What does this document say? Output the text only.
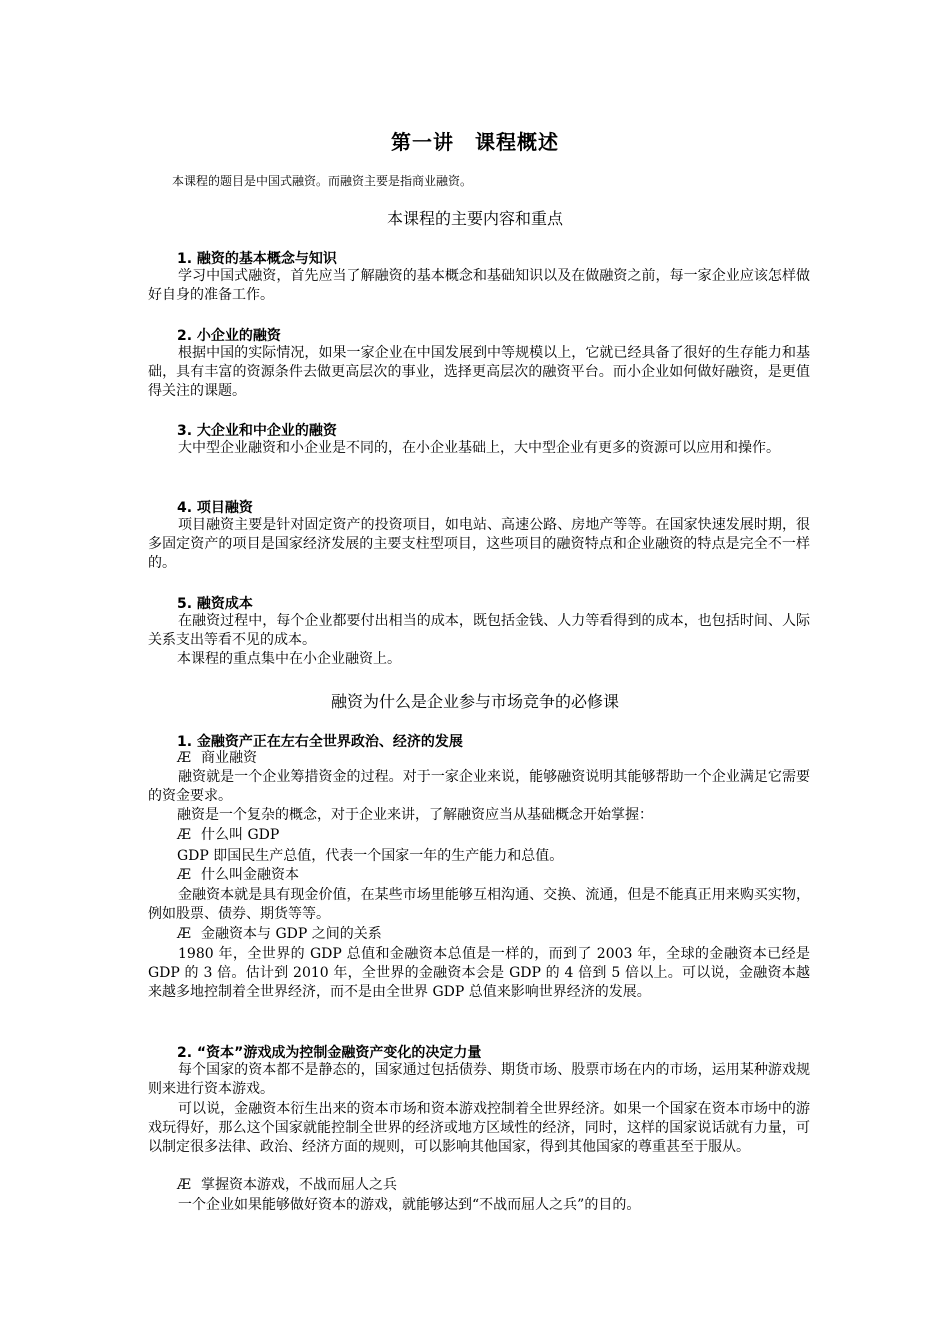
第一讲　课程概述
本课程的题目是中国式融资。而融资主要是指商业融资。
本课程的主要内容和重点
1. 融资的基本概念与知识

学习中国式融资，首先应当了解融资的基本概念和基础知识以及在做融资之前，每一家企业应该怎样做好自身的准备工作。

2. 小企业的融资

根据中国的实际情况，如果一家企业在中国发展到中等规模以上，它就已经具备了很好的生存能力和基础，具有丰富的资源条件去做更高层次的事业，选择更高层次的融资平台。而小企业如何做好融资，是更值得关注的课题。

3. 大企业和中企业的融资

大中型企业融资和小企业是不同的，在小企业基础上，大中型企业有更多的资源可以应用和操作。

4. 项目融资

项目融资主要是针对固定资产的投资项目，如电站、高速公路、房地产等等。在国家快速发展时期，很多固定资产的项目是国家经济发展的主要支柱型项目，这些项目的融资特点和企业融资的特点是完全不一样的。

5. 融资成本

在融资过程中，每个企业都要付出相当的成本，既包括金钱、人力等看得到的成本，也包括时间、人际关系支出等看不见的成本。

本课程的重点集中在小企业融资上。
融资为什么是企业参与市场竞争的必修课
1. 金融资产正在左右全世界政治、经济的发展
Æ 商业融资

融资就是一个企业筹措资金的过程。对于一家企业来说，能够融资说明其能够帮助一个企业满足它需要的资金要求。

融资是一个复杂的概念，对于企业来讲，了解融资应当从基础概念开始掌握：
Æ 什么叫 GDP
GDP 即国民生产总值，代表一个国家一年的生产能力和总值。
Æ 什么叫金融资本

金融资本就是具有现金价值，在某些市场里能够互相沟通、交换、流通，但是不能真正用来购买实物，例如股票、债券、期货等等。

Æ 金融资本与 GDP 之间的关系

1980 年，全世界的 GDP 总值和金融资本总值是一样的，而到了 2003 年，全球的金融资本已经是 GDP 的 3 倍。估计到 2010 年，全世界的金融资本会是 GDP 的 4 倍到 5 倍以上。可以说，金融资本越来越多地控制着全世界经济，而不是由全世界 GDP 总值来影响世界经济的发展。

2. “资本”游戏成为控制金融资产变化的决定力量

每个国家的资本都不是静态的，国家通过包括债券、期货市场、股票市场在内的市场，运用某种游戏规则来进行资本游戏。

可以说，金融资本衍生出来的资本市场和资本游戏控制着全世界经济。如果一个国家在资本市场中的游戏玩得好，那么这个国家就能控制全世界的经济或地方区域性的经济，同时，这样的国家说话就有力量，可以制定很多法律、政治、经济方面的规则，可以影响其他国家，得到其他国家的尊重甚至于服从。

Æ 掌握资本游戏，不战而屈人之兵

一个企业如果能够做好资本的游戏，就能够达到“不战而屈人之兵”的目的。
